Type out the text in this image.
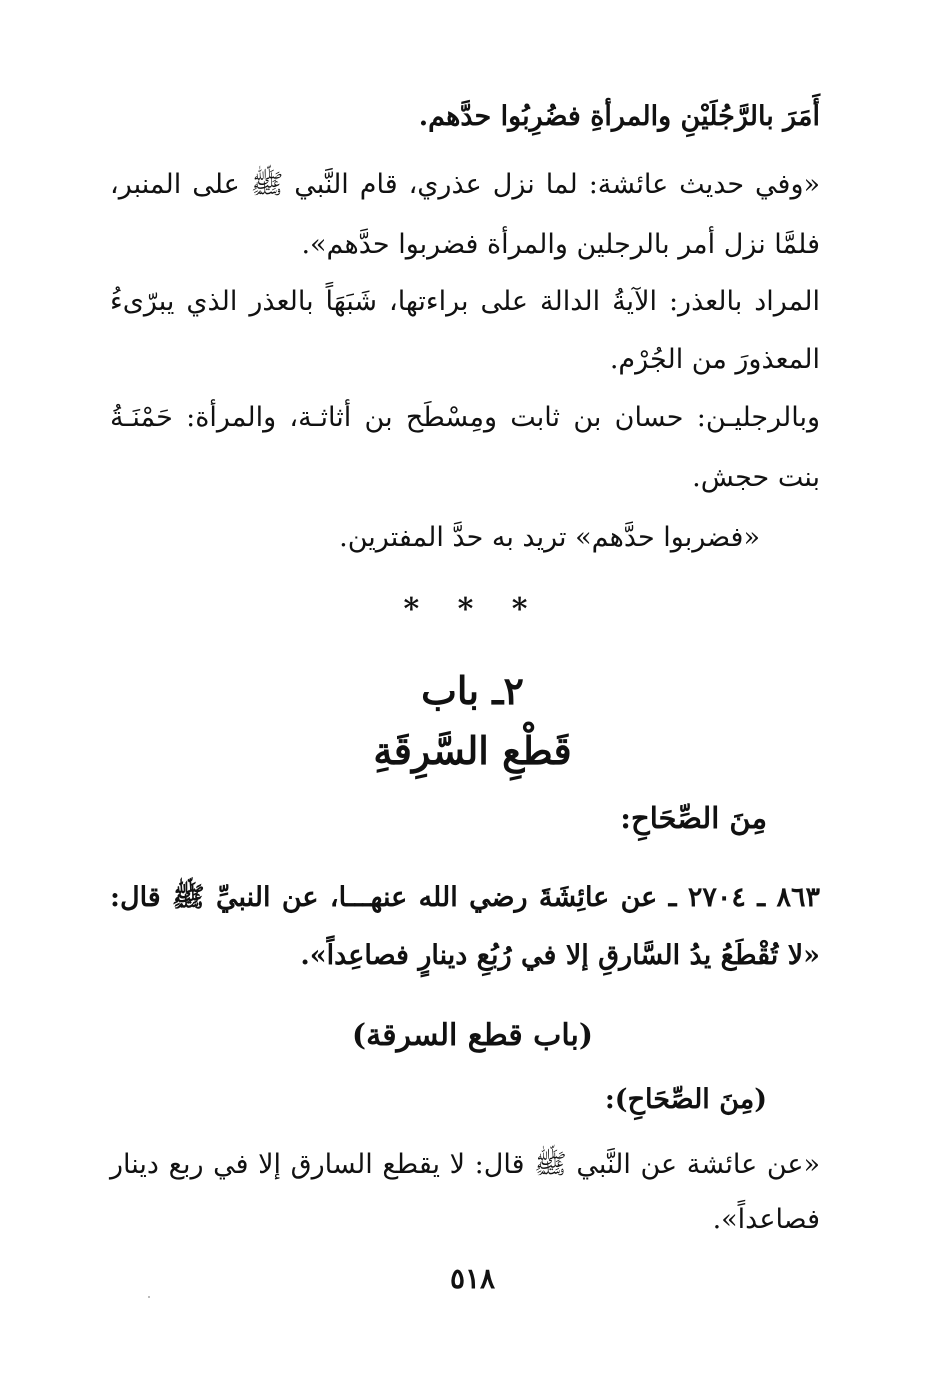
أَمَرَ بالرَّجُلَيْنِ والمرأةِ فضُرِبُوا حدَّهم.
«وفي حديث عائشة: لما نزل عذري، قام النَّبي ﷺ على المنبر،
فلمَّا نزل أمر بالرجلين والمرأة فضربوا حدَّهم».
المراد بالعذر: الآيةُ الدالة على براءتها، شَبَهَاً بالعذر الذي يبرّىءُ
المعذورَ من الجُرْم.
وبالرجليـن: حسان بن ثابت ومِسْطَح بن أثاثـة، والمرأة: حَمْنَـةُ
بنت حجش.
«فضربوا حدَّهم» تريد به حدَّ المفترين.
* * *
٢ـ باب
قَطْعِ السَّرِقَةِ
مِنَ الصِّحَاحِ:
٨٦٣ ـ ٢٧٠٤ ـ عن عائِشَةَ رضي الله عنهـــا، عن النبيِّ ﷺ قال:
«لا تُقْطَعُ يدُ السَّارقِ إلا في رُبُعِ دينارٍ فصاعِداً».
(باب قطع السرقة)
(مِنَ الصِّحَاحِ):
«عن عائشة عن النَّبي ﷺ قال: لا يقطع السارق إلا في ربع دينار
فصاعداً».
٥١٨
